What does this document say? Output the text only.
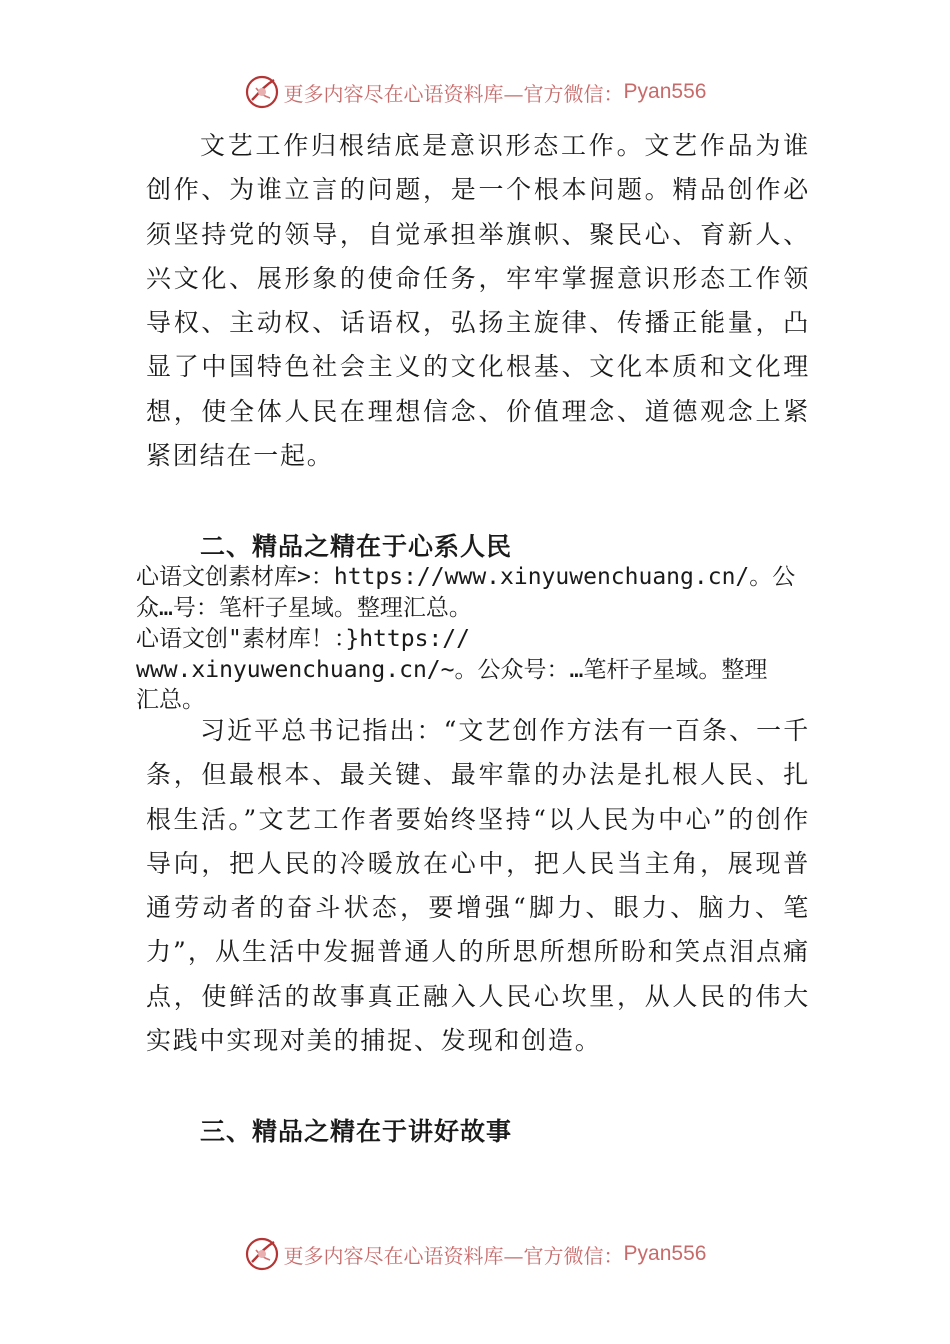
更多内容尽在心语资料库—官方微信： Pyan556

文艺工作归根结底是意识形态工作。文艺作品为谁创作、为谁立言的问题，是一个根本问题。精品创作必须坚持党的领导，自觉承担举旗帜、聚民心、育新人、兴文化、展形象的使命任务，牢牢掌握意识形态工作领导权、主动权、话语权，弘扬主旋律、传播正能量，凸显了中国特色社会主义的文化根基、文化本质和文化理想，使全体人民在理想信念、价值理念、道德观念上紧紧团结在一起。

二、精品之精在于心系人民
心语文创素材库>：https://www.xinyuwenchuang.cn/。公
众…号：笔杆子星域。整理汇总。
心语文创"素材库！：}https://
www.xinyuwenchuang.cn/~。公众号：…笔杆子星域。整理
汇总。

习近平总书记指出：“文艺创作方法有一百条、一千条，但最根本、最关键、最牢靠的办法是扎根人民、扎根生活。”文艺工作者要始终坚持“以人民为中心”的创作导向，把人民的冷暖放在心中，把人民当主角，展现普通劳动者的奋斗状态，要增强“脚力、眼力、脑力、笔力”，从生活中发掘普通人的所思所想所盼和笑点泪点痛点，使鲜活的故事真正融入人民心坎里，从人民的伟大实践中实现对美的捕捉、发现和创造。

三、精品之精在于讲好故事
更多内容尽在心语资料库—官方微信： Pyan556
